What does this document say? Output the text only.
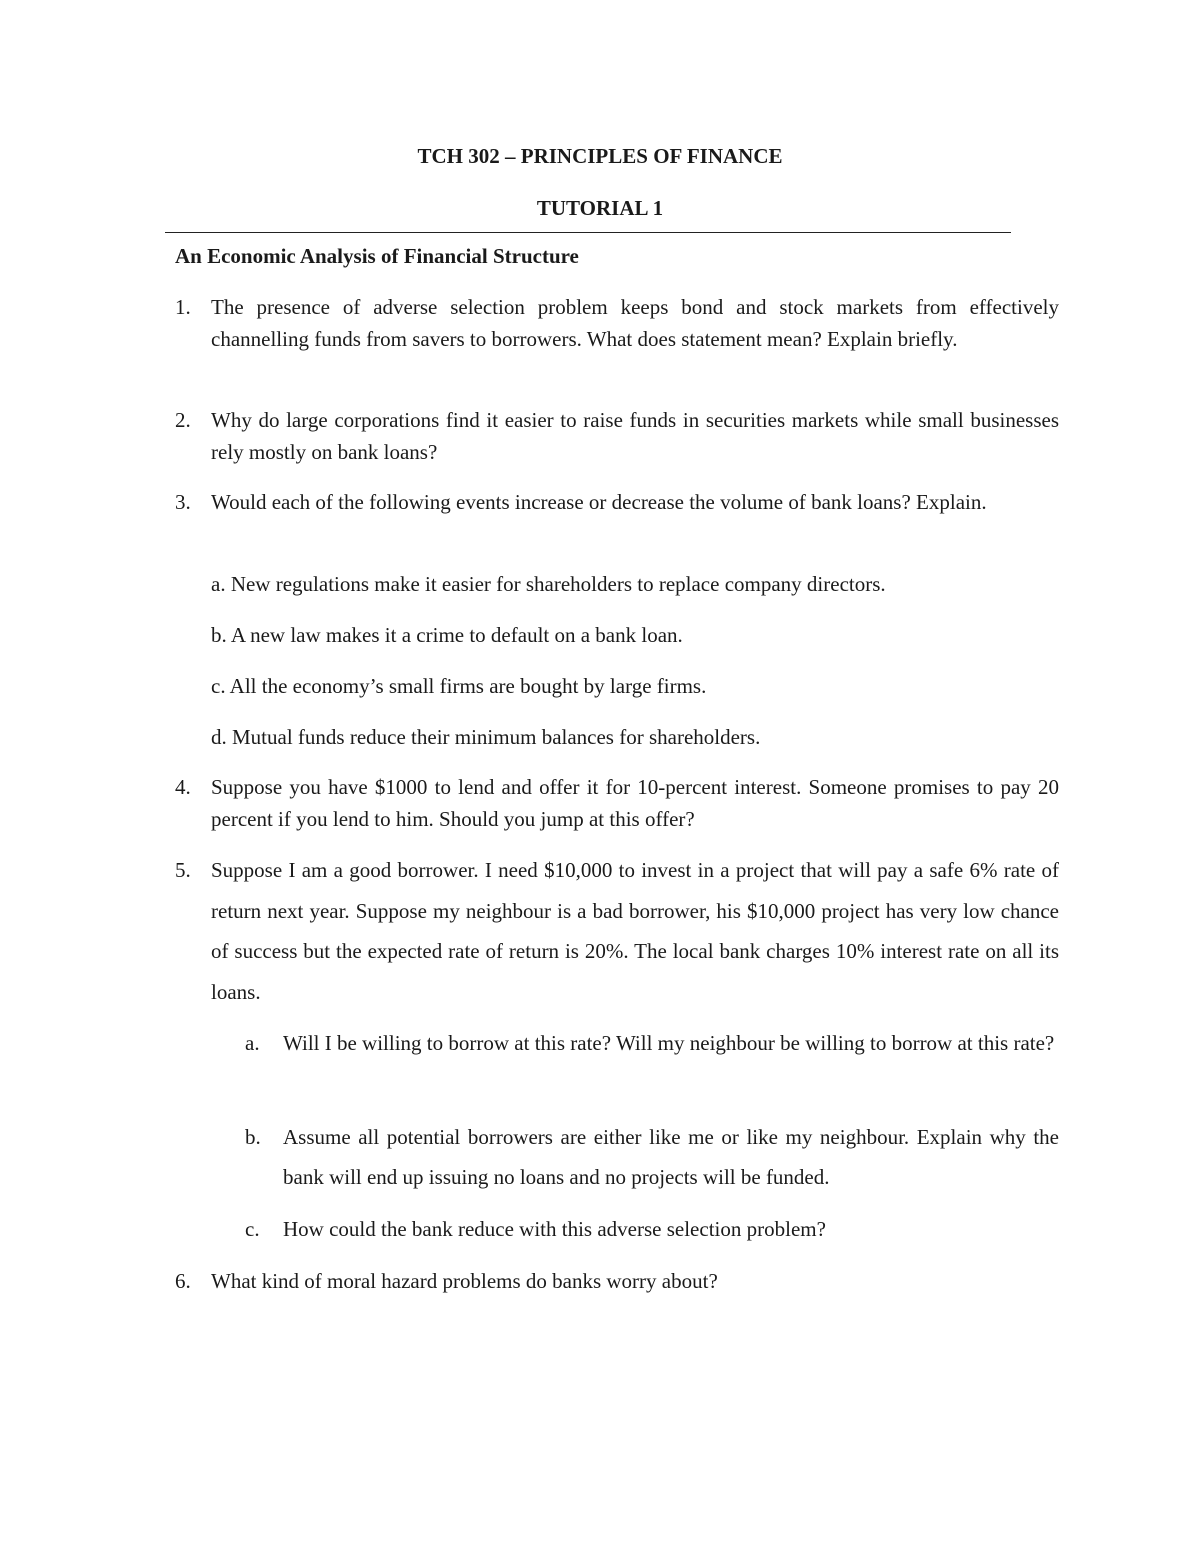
TCH 302 – PRINCIPLES OF FINANCE
TUTORIAL 1
An Economic Analysis of Financial Structure
1. The presence of adverse selection problem keeps bond and stock markets from effectively channelling funds from savers to borrowers. What does statement mean? Explain briefly.
2. Why do large corporations find it easier to raise funds in securities markets while small businesses rely mostly on bank loans?
3. Would each of the following events increase or decrease the volume of bank loans? Explain.
a. New regulations make it easier for shareholders to replace company directors.
b. A new law makes it a crime to default on a bank loan.
c. All the economy’s small firms are bought by large firms.
d. Mutual funds reduce their minimum balances for shareholders.
4. Suppose you have $1000 to lend and offer it for 10-percent interest. Someone promises to pay 20 percent if you lend to him. Should you jump at this offer?
5. Suppose I am a good borrower. I need $10,000 to invest in a project that will pay a safe 6% rate of return next year. Suppose my neighbour is a bad borrower, his $10,000 project has very low chance of success but the expected rate of return is 20%. The local bank charges 10% interest rate on all its loans.
a. Will I be willing to borrow at this rate? Will my neighbour be willing to borrow at this rate?
b. Assume all potential borrowers are either like me or like my neighbour. Explain why the bank will end up issuing no loans and no projects will be funded.
c. How could the bank reduce with this adverse selection problem?
6. What kind of moral hazard problems do banks worry about?
